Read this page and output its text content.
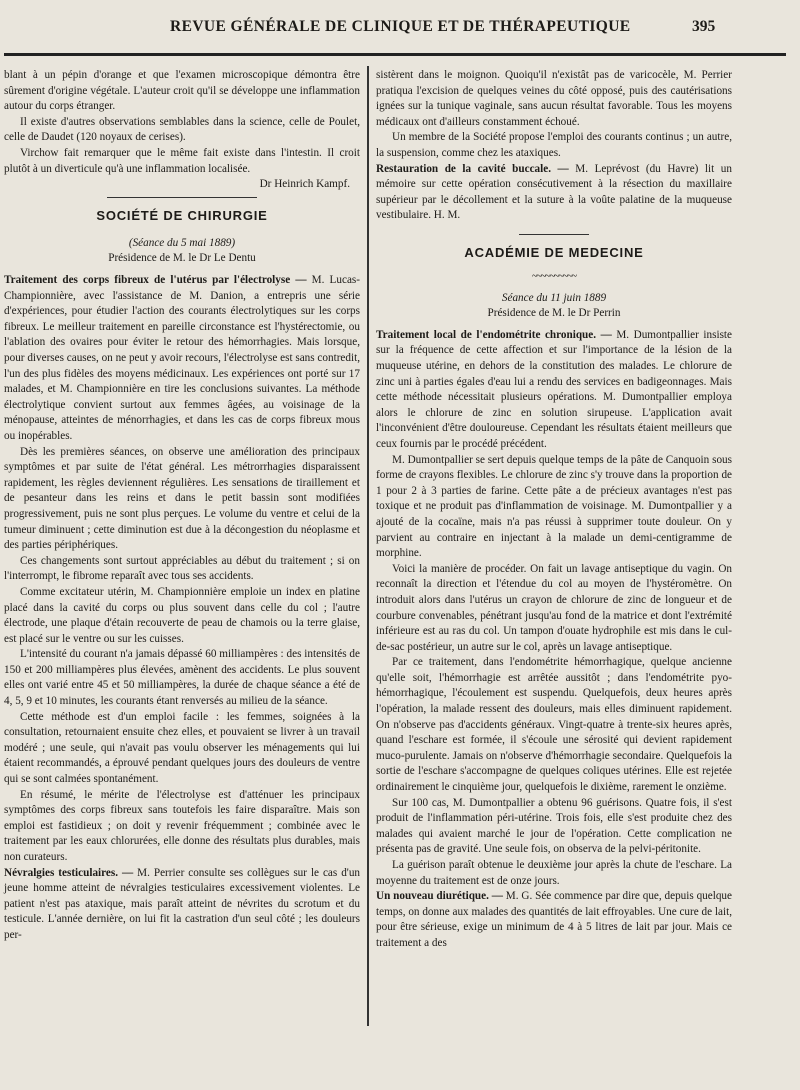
REVUE GÉNÉRALE DE CLINIQUE ET DE THÉRAPEUTIQUE	395

blant à un pépin d'orange et que l'examen microscopique démontra être sûrement d'origine végétale. L'auteur croit qu'il se développe une inflammation autour du corps étranger.

Il existe d'autres observations semblables dans la science, celle de Poulet, celle de Daudet (120 noyaux de cerises).

Virchow fait remarquer que le même fait existe dans l'intestin. Il croit plutôt à un diverticule qu'à une inflammation localisée.

Dr Heinrich Kampf.

SOCIÉTÉ DE CHIRURGIE
(Séance du 5 mai 1889)
Présidence de M. le Dr Le Dentu

Traitement des corps fibreux de l'utérus par l'électrolyse — M. Lucas-Championnière, avec l'assistance de M. Danion, a entrepris une série d'expériences, pour étudier l'action des courants électrolytiques sur les corps fibreux. Le meilleur traitement en pareille circonstance est l'hystérectomie, ou l'ablation des ovaires pour éviter le retour des hémorrhagies. Mais lorsque, pour diverses causes, on ne peut y avoir recours, l'électrolyse est sans contredit, l'un des plus fidèles des moyens médicinaux. Les expériences ont porté sur 17 malades, et M. Championnière en tire les conclusions suivantes. La méthode électrolytique convient surtout aux femmes âgées, au voisinage de la ménopause, atteintes de ménorrhagies, et dans les cas de corps fibreux mous ou inopérables.

Dès les premières séances, on observe une amélioration des principaux symptômes et par suite de l'état général. Les métrorrhagies disparaissent rapidement, les règles deviennent régulières. Les sensations de tiraillement et de pesanteur dans les reins et dans le petit bassin sont modifiées progressivement, puis ne sont plus perçues. Le volume du ventre et celui de la tumeur diminuent ; cette diminution est due à la décongestion du néoplasme et des parties périphériques.

Ces changements sont surtout appréciables au début du traitement ; si on l'interrompt, le fibrome reparaît avec tous ses accidents.

Comme excitateur utérin, M. Championnière emploie un index en platine placé dans la cavité du corps ou plus souvent dans celle du col ; l'autre électrode, une plaque d'étain recouverte de peau de chamois ou la terre glaise, est placé sur le ventre ou sur les cuisses.

L'intensité du courant n'a jamais dépassé 60 milliampères : des intensités de 150 et 200 milliampères plus élevées, amènent des accidents. Le plus souvent elles ont varié entre 45 et 50 milliampères, la durée de chaque séance a été de 4, 5, 9 et 10 minutes, les courants étant renversés au milieu de la séance.

Cette méthode est d'un emploi facile : les femmes, soignées à la consultation, retournaient ensuite chez elles, et pouvaient se livrer à un travail modéré ; une seule, qui n'avait pas voulu observer les ménagements qui lui étaient recommandés, a éprouvé pendant quelques jours des douleurs de ventre qui se sont calmées spontanément.

En résumé, le mérite de l'électrolyse est d'atténuer les principaux symptômes des corps fibreux sans toutefois les faire disparaître. Mais son emploi est fastidieux ; on doit y revenir fréquemment ; combinée avec le traitement par les eaux chlorurées, elle donne des résultats plus durables, mais non curateurs.

Névralgies testiculaires. — M. Perrier consulte ses collègues sur le cas d'un jeune homme atteint de névralgies testiculaires excessivement violentes. Le patient n'est pas ataxique, mais paraît atteint de névrites du scrotum et du testicule. L'année dernière, on lui fit la castration d'un seul côté ; les douleurs per-

sistèrent dans le moignon. Quoiqu'il n'existât pas de varicocèle, M. Perrier pratiqua l'excision de quelques veines du côté opposé, puis des cautérisations ignées sur la tunique vaginale, sans aucun résultat favorable. Tous les moyens médicaux ont d'ailleurs constamment échoué.

Un membre de la Société propose l'emploi des courants continus ; un autre, la suspension, comme chez les ataxiques.

Restauration de la cavité buccale. — M. Leprévost (du Havre) lit un mémoire sur cette opération consécutivement à la résection du maxillaire supérieur par le décollement et la suture à la voûte palatine de la muqueuse vestibulaire. H. M.

ACADÉMIE DE MEDECINE
~~~~~~~~~~
Séance du 11 juin 1889
Présidence de M. le Dr Perrin

Traitement local de l'endométrite chronique. — M. Dumontpallier insiste sur la fréquence de cette affection et sur l'importance de la lésion de la muqueuse utérine, en dehors de la constitution des malades. Le chlorure de zinc uni à parties égales d'eau lui a rendu des services en badigeonnages. Mais cette méthode nécessitait plusieurs opérations. M. Dumontpallier employa alors le chlorure de zinc en solution sirupeuse. L'application avait l'inconvénient d'être douloureuse. Cependant les résultats étaient meilleurs que ceux fournis par le procédé précédent.

M. Dumontpallier se sert depuis quelque temps de la pâte de Canquoin sous forme de crayons flexibles. Le chlorure de zinc s'y trouve dans la proportion de 1 pour 2 à 3 parties de farine. Cette pâte a de précieux avantages n'est pas toxique et ne produit pas d'inflammation de voisinage. M. Dumontpallier y a ajouté de la cocaïne, mais n'a pas réussi à supprimer toute douleur. On y parvient au contraire en injectant à la malade un demi-centigramme de morphine.

Voici la manière de procéder. On fait un lavage antiseptique du vagin. On reconnaît la direction et l'étendue du col au moyen de l'hystéromètre. On introduit alors dans l'utérus un crayon de chlorure de zinc de longueur et de courbure convenables, pénétrant jusqu'au fond de la matrice et dont l'extrémité inférieure est au ras du col. Un tampon d'ouate hydrophile est mis dans le cul-de-sac postérieur, un autre sur le col, après un lavage antiseptique.

Par ce traitement, dans l'endométrite hémorrhagique, quelque ancienne qu'elle soit, l'hémorrhagie est arrêtée aussitôt ; dans l'endométrite pyo-hémorrhagique, l'écoulement est suspendu. Quelquefois, deux heures après l'opération, la malade ressent des douleurs, mais elles diminuent rapidement. On n'observe pas d'accidents généraux. Vingt-quatre à trente-six heures après, quand l'eschare est formée, il s'écoule une sérosité qui devient rapidement muco-purulente. Jamais on n'observe d'hémorrhagie secondaire. Quelquefois la sortie de l'eschare s'accompagne de quelques coliques utérines. Elle est rejetée ordinairement le cinquième jour, quelquefois le dixième, rarement le onzième.

Sur 100 cas, M. Dumontpallier a obtenu 96 guérisons. Quatre fois, il s'est produit de l'inflammation péri-utérine. Trois fois, elle s'est produite chez des malades qui avaient marché le jour de l'opération. Cette complication ne présenta pas de gravité. Une seule fois, on observa de la pelvi-péritonite.

La guérison paraît obtenue le deuxième jour après la chute de l'eschare. La moyenne du traitement est de onze jours.

Un nouveau diurétique. — M. G. Sée commence par dire que, depuis quelque temps, on donne aux malades des quantités de lait effroyables. Une cure de lait, pour être sérieuse, exige un minimum de 4 à 5 litres de lait par jour. Mais ce traitement a des
